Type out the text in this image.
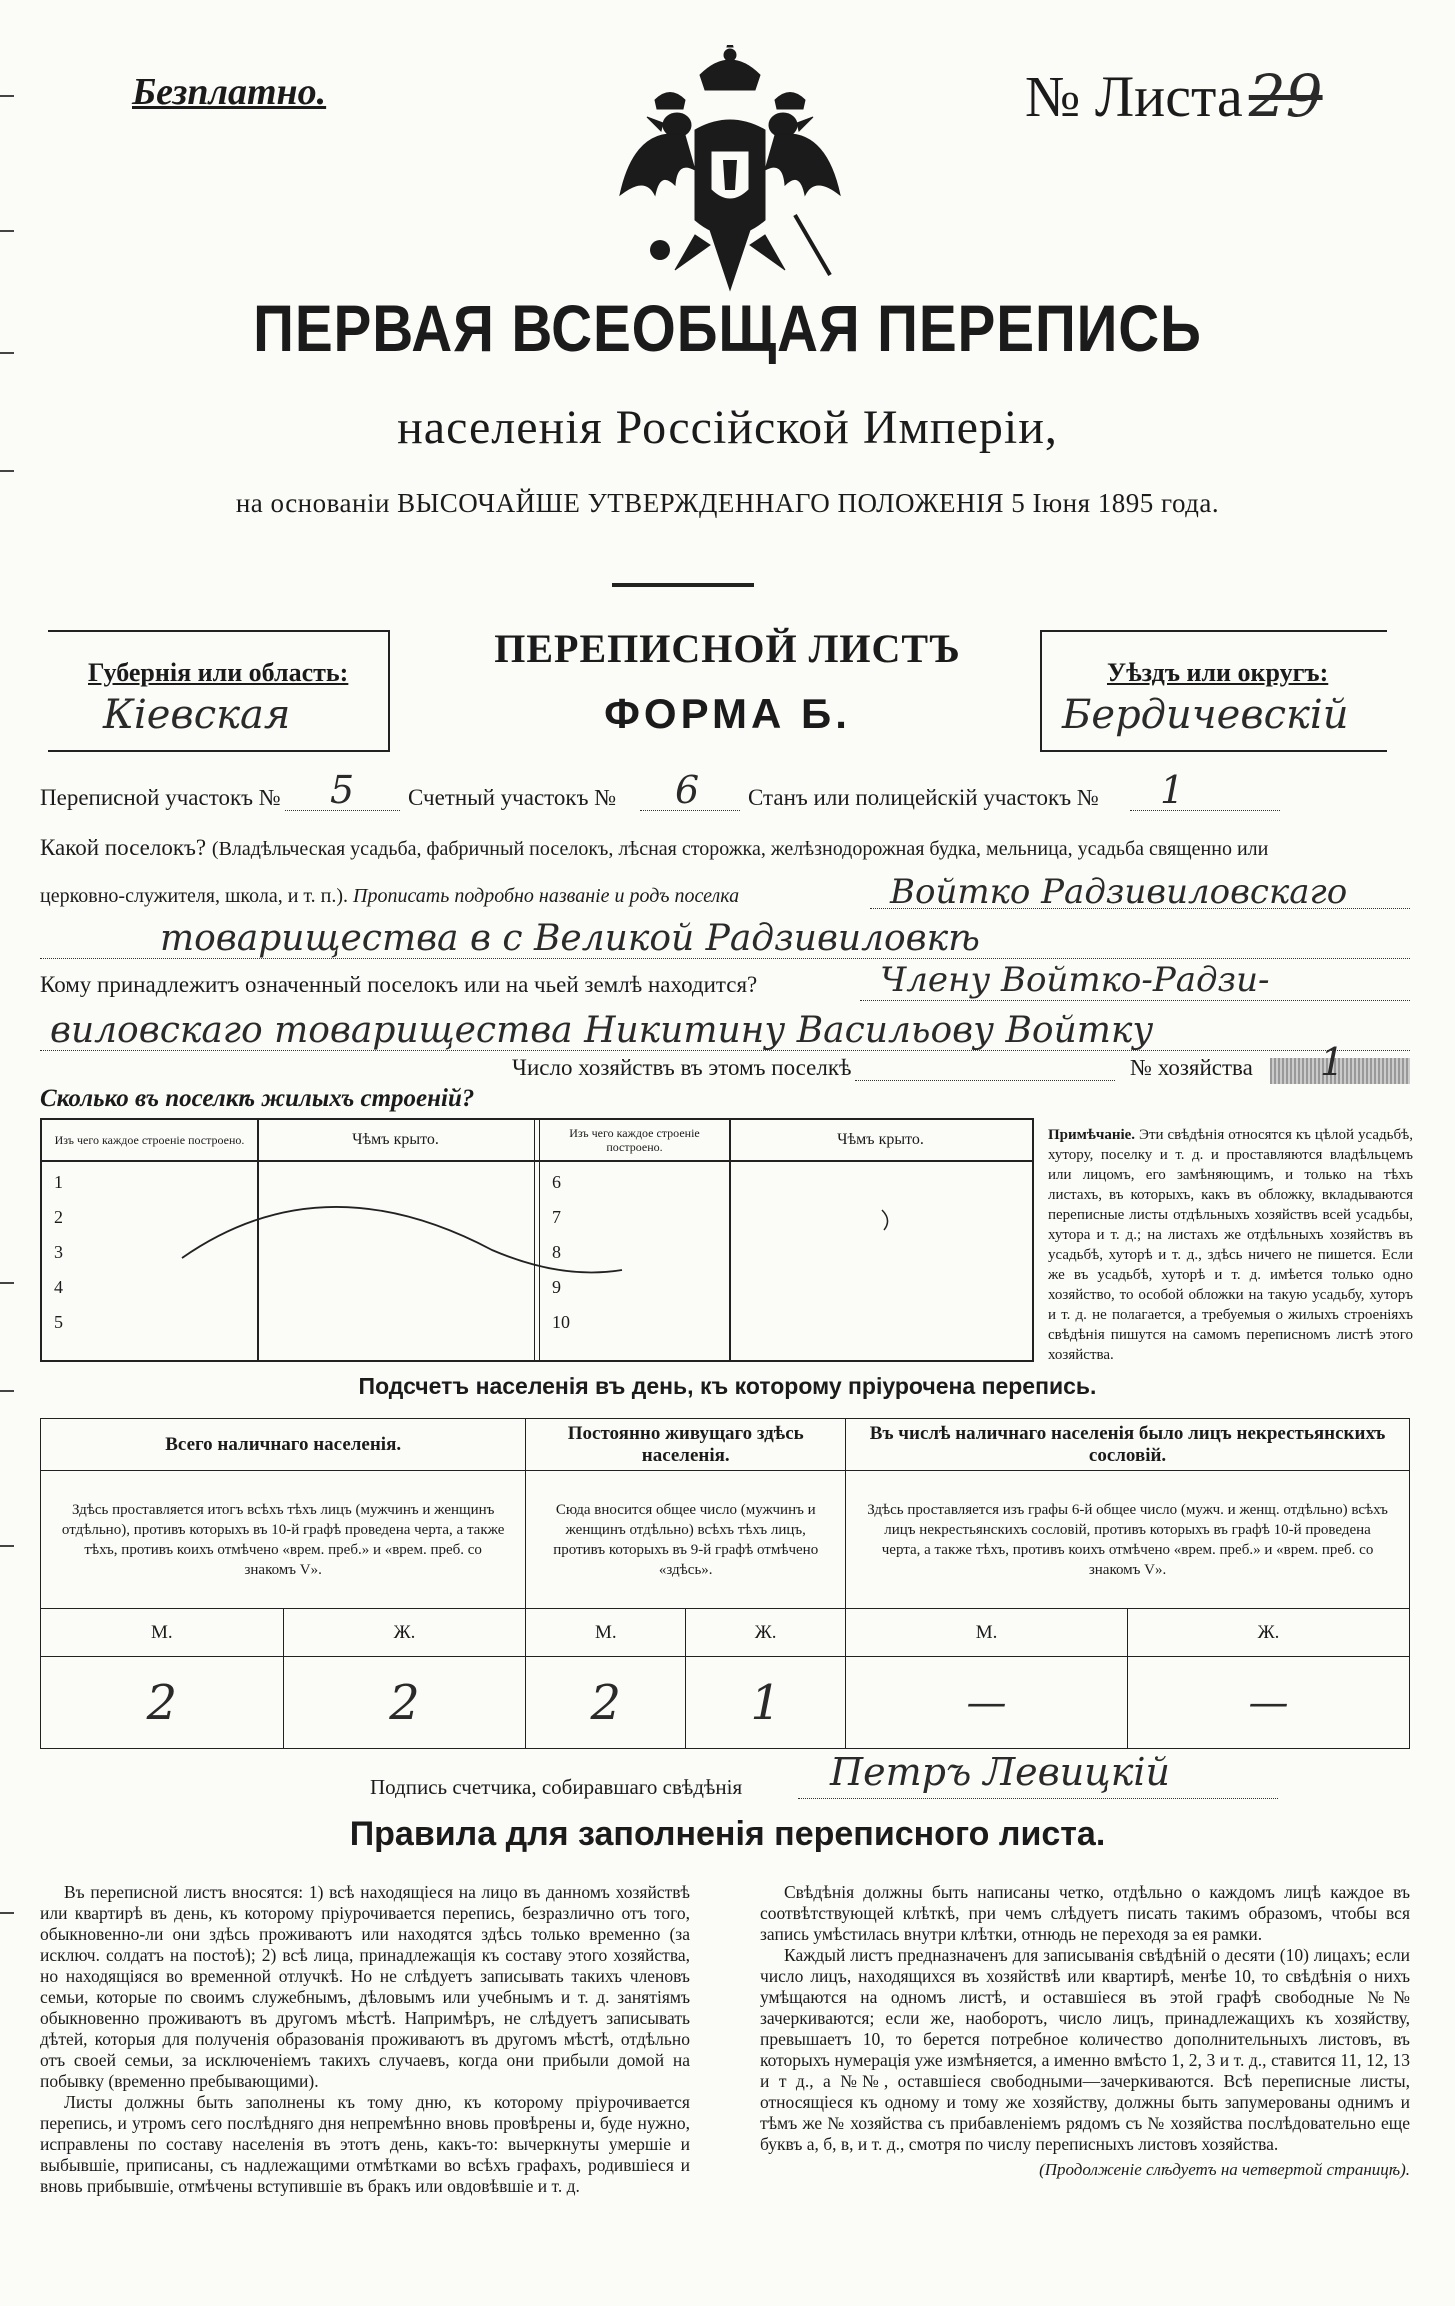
Безплатно.	№ Листа 29
ПЕРВАЯ ВСЕОБЩАЯ ПЕРЕПИСЬ
населенія Россійской Имперіи,
на основаніи ВЫСОЧАЙШЕ УТВЕРЖДЕННАГО ПОЛОЖЕНІЯ 5 Іюня 1895 года.
Губернія или область:
Кіевская
ПЕРЕПИСНОЙ ЛИСТЪ
ФОРМА Б.
Уѣздъ или округъ:
Бердичевскій
Переписной участокъ № 5 Счетный участокъ № 6 Станъ или полицейскій участокъ № 1
Какой поселокъ? (Владѣльческая усадьба, фабричный поселокъ, лѣсная сторожка, желѣзнодорожная будка, мельница, усадьба священно или
церковно-служителя, школа, и т. п.). Прописать подробно названіе и родъ поселка	Войтко Радзивиловскаго
товарищества в с Великой Радзивиловкѣ
Кому принадлежитъ означенный поселокъ или на чьей землѣ находится?	Члену Войтко-Радзи-
виловскаго товарищества Никитину Васильову Войтку
Число хозяйствъ въ этомъ поселкѣ	№ хозяйства 1
Сколько въ поселкѣ жилыхъ строеній?
Изъ чего каждое строеніе построено.	Чѣмъ крыто.	Изъ чего каждое строеніе построено.	Чѣмъ крыто.
1
2
3
4
5
6
7
8
9
10
Примѣчаніе. Эти свѣдѣнія относятся къ цѣлой усадьбѣ, хутору, поселку и т. д. и проставляются владѣльцемъ или лицомъ, его замѣняющимъ, и только на тѣхъ листахъ, въ которыхъ, какъ въ обложку, вкладываются переписные листы отдѣльныхъ хозяйствъ всей усадьбы, хутора и т. д.; на листахъ же отдѣльныхъ хозяйствъ въ усадьбѣ, хуторѣ и т. д., здѣсь ничего не пишется. Если же въ усадьбѣ, хуторѣ и т. д. имѣется только одно хозяйство, то особой обложки на такую усадьбу, хуторъ и т. д. не полагается, а требуемыя о жилыхъ строеніяхъ свѣдѣнія пишутся на самомъ переписномъ листѣ этого хозяйства.
Подсчетъ населенія въ день, къ которому пріурочена перепись.
Всего наличнаго населенія.		Постоянно живущаго здѣсь населенія.		Въ числѣ наличнаго населенія было лицъ некрестьянскихъ сословій.	
Здѣсь проставляется итогъ всѣхъ тѣхъ лицъ (мужчинъ и женщинъ отдѣльно), противъ которыхъ въ 10-й графѣ проведена черта, а также тѣхъ, противъ коихъ отмѣчено «врем. преб.» и «врем. преб. со знакомъ V».		Сюда вносится общее число (мужчинъ и женщинъ отдѣльно) всѣхъ тѣхъ лицъ, противъ которыхъ въ 9-й графѣ отмѣчено «здѣсь».		Здѣсь проставляется изъ графы 6-й общее число (мужч. и женщ. отдѣльно) всѣхъ лицъ некрестьянскихъ сословій, противъ которыхъ въ графѣ 10-й проведена черта, а также тѣхъ, противъ коихъ отмѣчено «врем. преб.» и «врем. преб. со знакомъ V».	
М.	Ж.	М.	Ж.	М.	Ж.
2	2	2	1	—	—
Подпись счетчика, собиравшаго свѣдѣнія Петръ Левицкій
Правила для заполненія переписного листа.

Въ переписной листъ вносятся: 1) всѣ находящіеся на лицо въ данномъ хозяйствѣ или квартирѣ въ день, къ которому пріурочивается перепись, безразлично отъ того, обыкновенно-ли они здѣсь проживаютъ или находятся здѣсь только временно (за исключ. солдатъ на постоѣ); 2) всѣ лица, принадлежащія къ составу этого хозяйства, но находящіяся во временной отлучкѣ. Но не слѣдуетъ записывать такихъ членовъ семьи, которые по своимъ служебнымъ, дѣловымъ или учебнымъ и т. д. занятіямъ обыкновенно проживаютъ въ другомъ мѣстѣ. Напримѣръ, не слѣдуетъ записывать дѣтей, которыя для полученія образованія проживаютъ въ другомъ мѣстѣ, отдѣльно отъ своей семьи, за исключеніемъ такихъ случаевъ, когда они прибыли домой на побывку (временно пребывающими).

Листы должны быть заполнены къ тому дню, къ которому пріурочивается перепись, и утромъ сего послѣдняго дня непремѣнно вновь провѣрены и, буде нужно, исправлены по составу населенія въ этотъ день, какъ-то: вычеркнуты умершіе и выбывшіе, приписаны, съ надлежащими отмѣтками во всѣхъ графахъ, родившіеся и вновь прибывшіе, отмѣчены вступившіе въ бракъ или овдовѣвшіе и т. д.

Свѣдѣнія должны быть написаны четко, отдѣльно о каждомъ лицѣ каждое въ соотвѣтствующей клѣткѣ, при чемъ слѣдуетъ писать такимъ образомъ, чтобы вся запись умѣстилась внутри клѣтки, отнюдь не переходя за ея рамки.

Каждый листъ предназначенъ для записыванія свѣдѣній о десяти (10) лицахъ; если число лицъ, находящихся въ хозяйствѣ или квартирѣ, менѣе 10, то свѣдѣнія о нихъ умѣщаются на одномъ листѣ, и оставшіеся въ этой графѣ свободные №№ зачеркиваются; если же, наоборотъ, число лицъ, принадлежащихъ къ хозяйству, превышаетъ 10, то берется потребное количество дополнительныхъ листовъ, въ которыхъ нумерація уже измѣняется, а именно вмѣсто 1, 2, 3 и т. д., ставится 11, 12, 13 и т д., а №№, оставшіеся свободными—зачеркиваются. Всѣ переписные листы, относящіеся къ одному и тому же хозяйству, должны быть запумерованы однимъ и тѣмъ же № хозяйства съ прибавленіемъ рядомъ съ № хозяйства послѣдовательно еще буквъ а, б, в, и т. д., смотря по числу переписныхъ листовъ хозяйства.

(Продолженіе слѣдуетъ на четвертой страницѣ).
